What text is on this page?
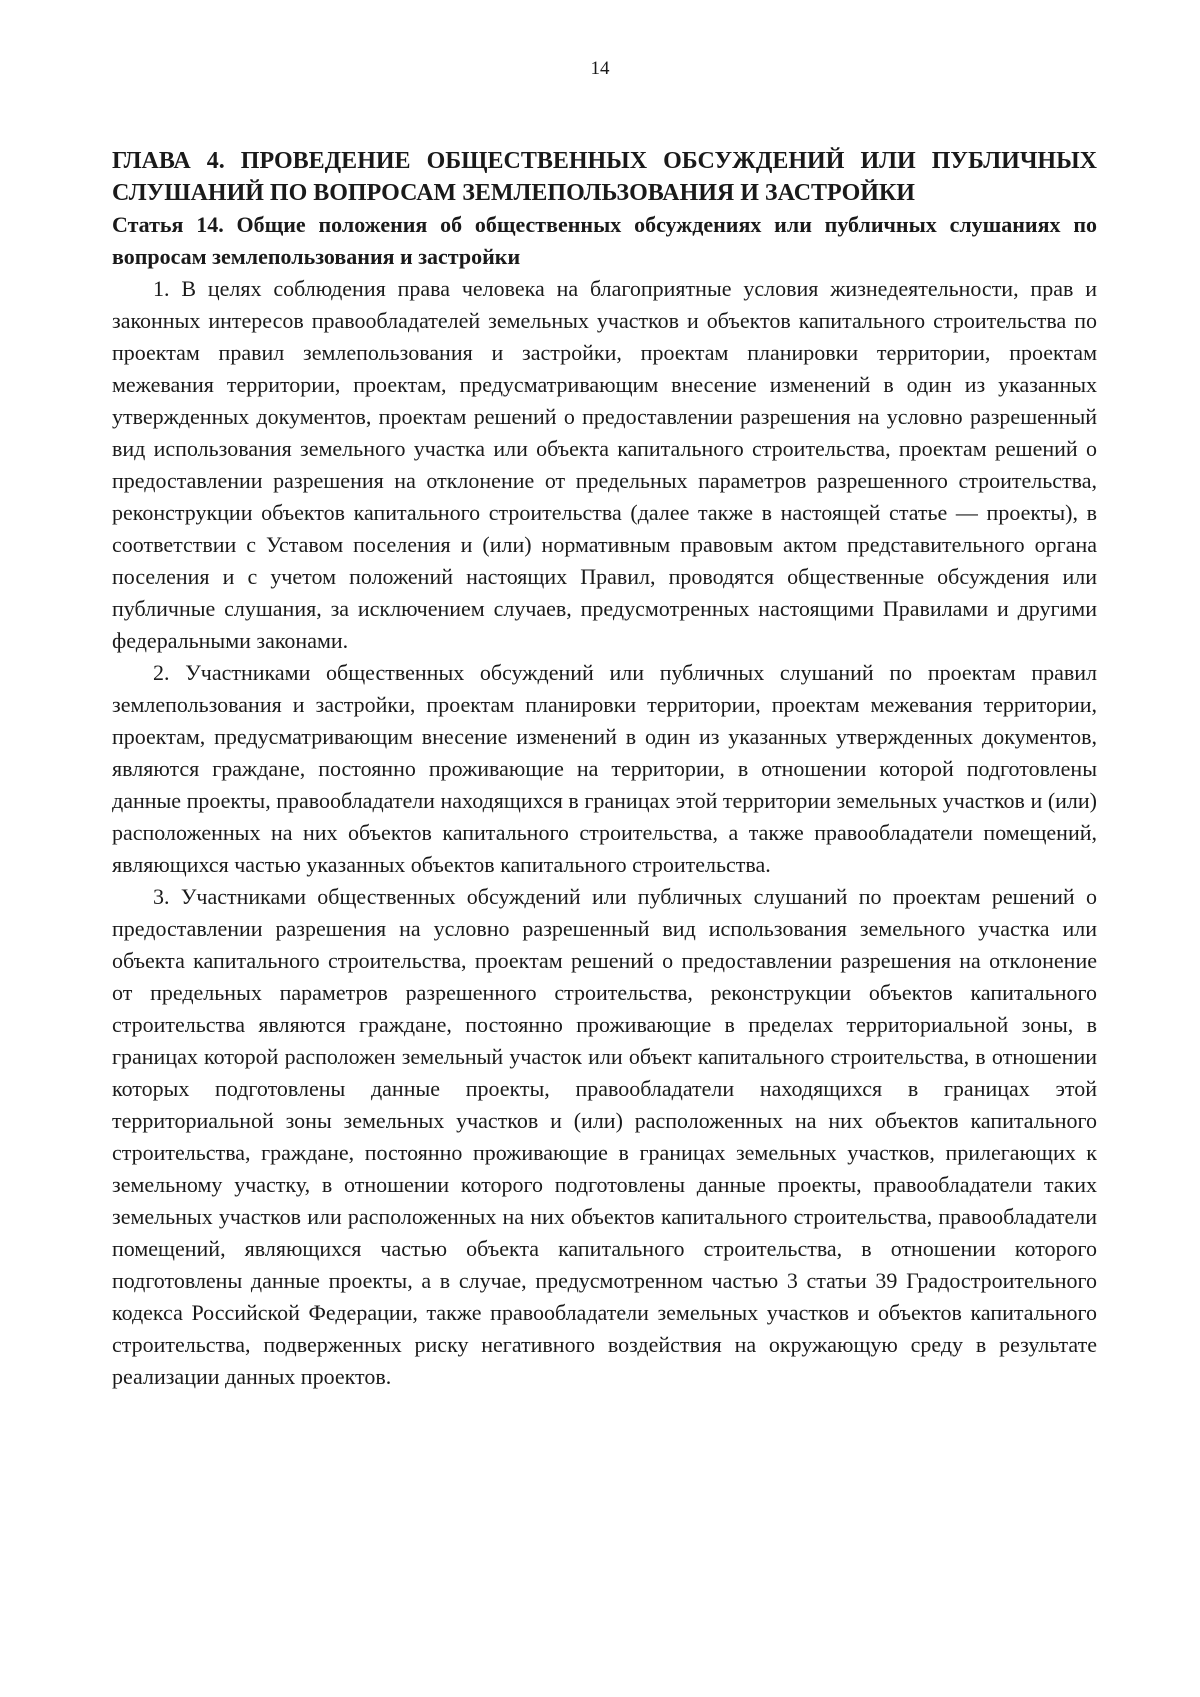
14
ГЛАВА 4. ПРОВЕДЕНИЕ ОБЩЕСТВЕННЫХ ОБСУЖДЕНИЙ ИЛИ ПУБЛИЧНЫХ СЛУШАНИЙ ПО ВОПРОСАМ ЗЕМЛЕПОЛЬЗОВАНИЯ И ЗАСТРОЙКИ
Статья 14. Общие положения об общественных обсуждениях или публичных слушаниях по вопросам землепользования и застройки

1. В целях соблюдения права человека на благоприятные условия жизнедеятельности, прав и законных интересов правообладателей земельных участков и объектов капитального строительства по проектам правил землепользования и застройки, проектам планировки территории, проектам межевания территории, проектам, предусматривающим внесение изменений в один из указанных утвержденных документов, проектам решений о предоставлении разрешения на условно разрешенный вид использования земельного участка или объекта капитального строительства, проектам решений о предоставлении разрешения на отклонение от предельных параметров разрешенного строительства, реконструкции объектов капитального строительства (далее также в настоящей статье — проекты), в соответствии с Уставом поселения и (или) нормативным правовым актом представительного органа поселения и с учетом положений настоящих Правил, проводятся общественные обсуждения или публичные слушания, за исключением случаев, предусмотренных настоящими Правилами и другими федеральными законами.

2. Участниками общественных обсуждений или публичных слушаний по проектам правил землепользования и застройки, проектам планировки территории, проектам межевания территории, проектам, предусматривающим внесение изменений в один из указанных утвержденных документов, являются граждане, постоянно проживающие на территории, в отношении которой подготовлены данные проекты, правообладатели находящихся в границах этой территории земельных участков и (или) расположенных на них объектов капитального строительства, а также правообладатели помещений, являющихся частью указанных объектов капитального строительства.

3. Участниками общественных обсуждений или публичных слушаний по проектам решений о предоставлении разрешения на условно разрешенный вид использования земельного участка или объекта капитального строительства, проектам решений о предоставлении разрешения на отклонение от предельных параметров разрешенного строительства, реконструкции объектов капитального строительства являются граждане, постоянно проживающие в пределах территориальной зоны, в границах которой расположен земельный участок или объект капитального строительства, в отношении которых подготовлены данные проекты, правообладатели находящихся в границах этой территориальной зоны земельных участков и (или) расположенных на них объектов капитального строительства, граждане, постоянно проживающие в границах земельных участков, прилегающих к земельному участку, в отношении которого подготовлены данные проекты, правообладатели таких земельных участков или расположенных на них объектов капитального строительства, правообладатели помещений, являющихся частью объекта капитального строительства, в отношении которого подготовлены данные проекты, а в случае, предусмотренном частью 3 статьи 39 Градостроительного кодекса Российской Федерации, также правообладатели земельных участков и объектов капитального строительства, подверженных риску негативного воздействия на окружающую среду в результате реализации данных проектов.
